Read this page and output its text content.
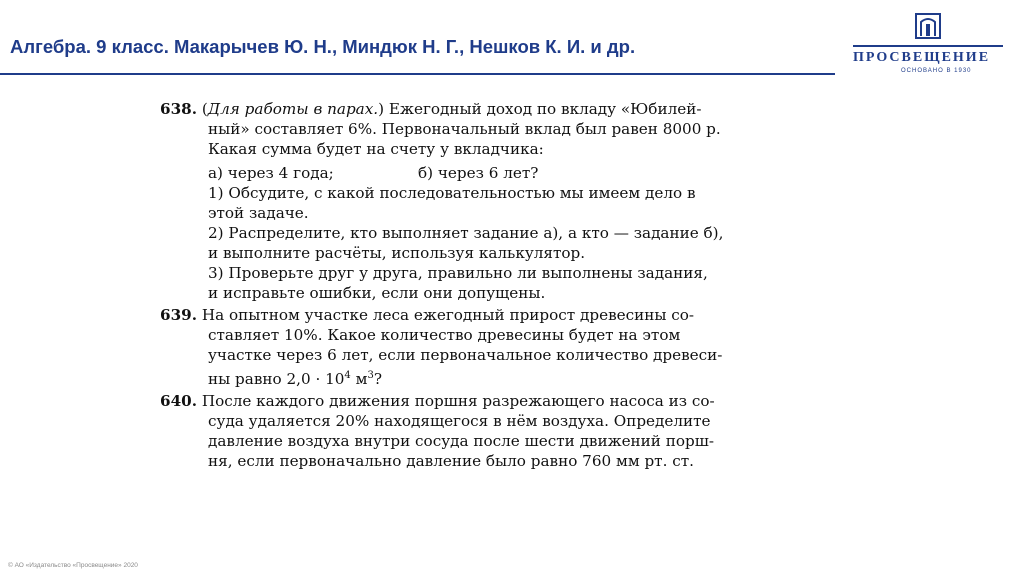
Алгебра. 9 класс. Макарычев Ю. Н., Миндюк Н. Г., Нешков К. И. и др.
ПРОСВЕЩЕНИЕ
ОСНОВАНО В 1930
638. (Для работы в парах.) Ежегодный доход по вкладу «Юбилей-
ный» составляет 6%. Первоначальный вклад был равен 8000 р.
Какая сумма будет на счету у вкладчика:
а) через 4 года;	б) через 6 лет?
1) Обсудите, с какой последовательностью мы имеем дело в
этой задаче.
2) Распределите, кто выполняет задание а), а кто — задание б),
и выполните расчёты, используя калькулятор.
3) Проверьте друг у друга, правильно ли выполнены задания,
и исправьте ошибки, если они допущены.
639. На опытном участке леса ежегодный прирост древесины со-
ставляет 10%. Какое количество древесины будет на этом
участке через 6 лет, если первоначальное количество древеси-
ны равно $2,0 \cdot 10^4$ $м^3$?
640. После каждого движения поршня разрежающего насоса из со-
суда удаляется 20% находящегося в нём воздуха. Определите
давление воздуха внутри сосуда после шести движений порш-
ня, если первоначально давление было равно 760 мм рт. ст.
© АО «Издательство «Просвещение» 2020
